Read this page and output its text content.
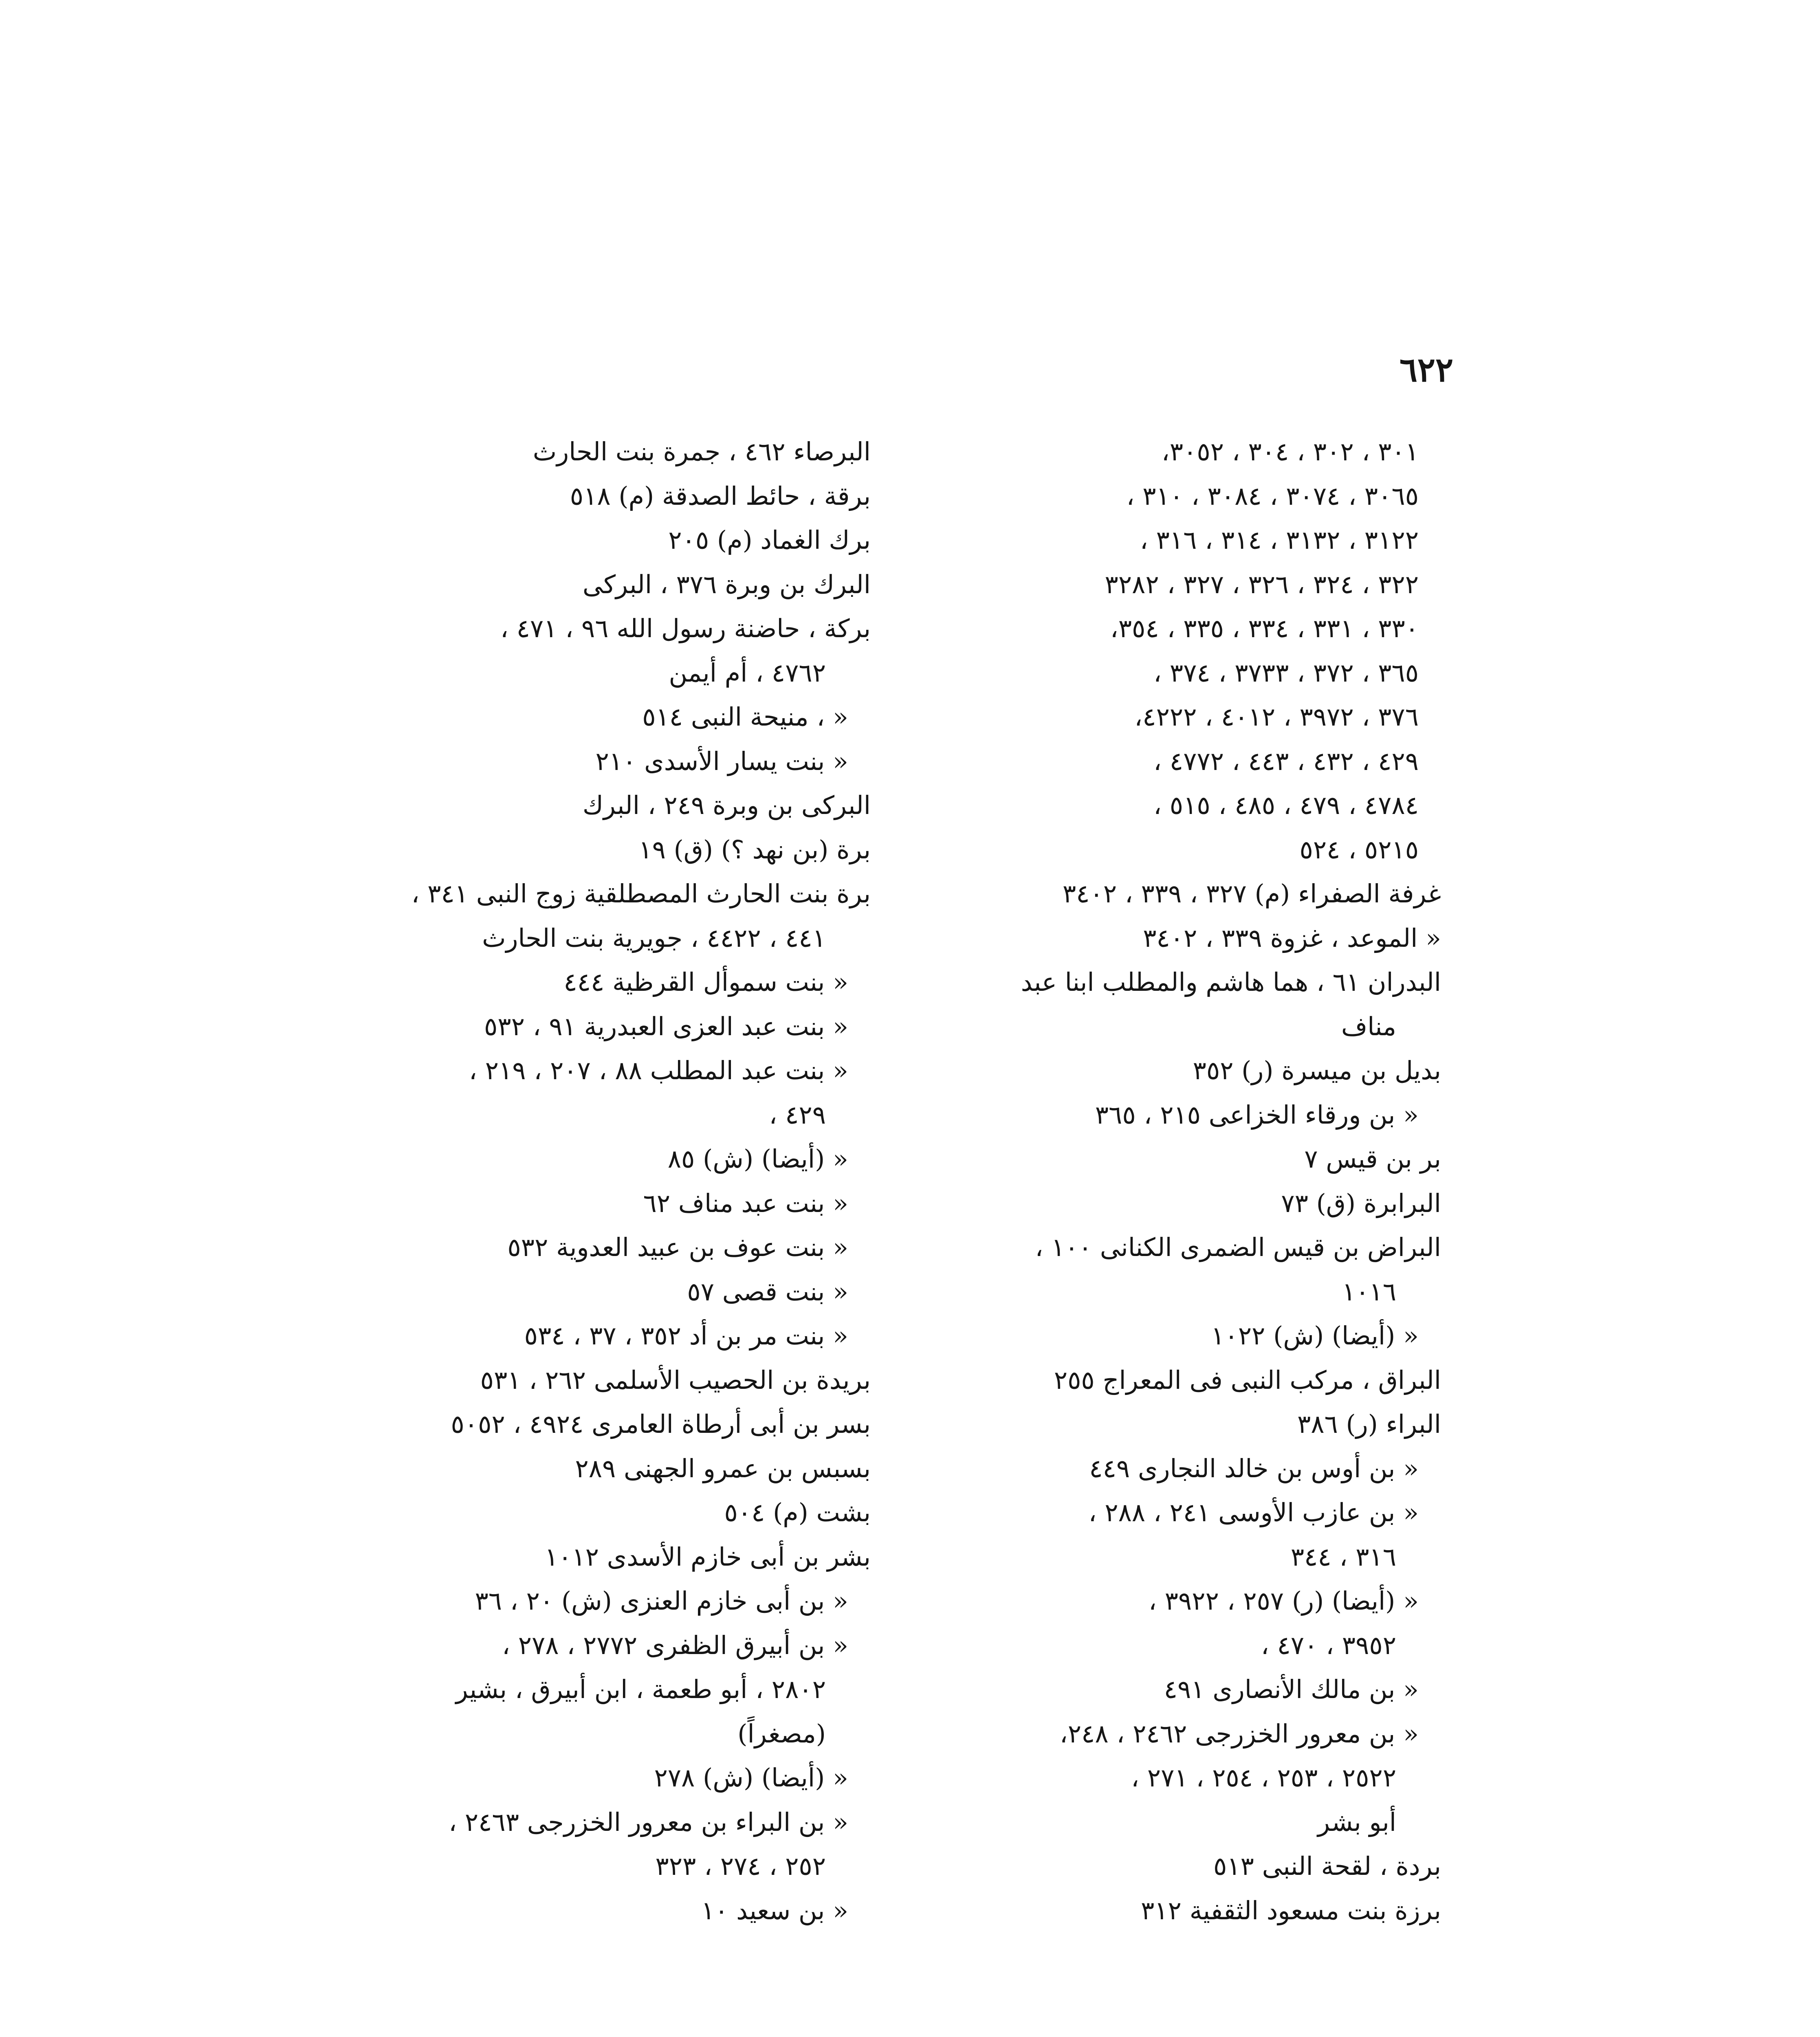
٦٢٢
٣٠١ ، ٣٠٢ ، ٣٠٤ ، ٣٠٥٢،
٣٠٦٥ ، ٣٠٧٤ ، ٣٠٨٤ ، ٣١٠ ،
٣١٢٢ ، ٣١٣٢ ، ٣١٤ ، ٣١٦ ،
٣٢٢ ، ٣٢٤ ، ٣٢٦ ، ٣٢٧ ، ٣٢٨٢
٣٣٠ ، ٣٣١ ، ٣٣٤ ، ٣٣٥ ، ٣٥٤،
٣٦٥ ، ٣٧٢ ، ٣٧٣٣ ، ٣٧٤ ،
٣٧٦ ، ٣٩٧٢ ، ٤٠١٢ ، ٤٢٢٢،
٤٢٩ ، ٤٣٢ ، ٤٤٣ ، ٤٧٧٢ ،
٤٧٨٤ ، ٤٧٩ ، ٤٨٥ ، ٥١٥ ،
٥٢١٥ ، ٥٢٤
غرفة الصفراء (م) ٣٢٧ ، ٣٣٩ ، ٣٤٠٢
« الموعد ، غزوة ٣٣٩ ، ٣٤٠٢
البدران ٦١ ، هما هاشم والمطلب ابنا عبد
مناف
بديل بن ميسرة (ر) ٣٥٢
« بن ورقاء الخزاعى ٢١٥ ، ٣٦٥
بر بن قيس ٧
البرابرة (ق) ٧٣
البراض بن قيس الضمرى الكنانى ١٠٠ ،
١٠١٦
« (أيضا) (ش) ١٠٢٢
البراق ، مركب النبى فى المعراج ٢٥٥
البراء (ر) ٣٨٦
« بن أوس بن خالد النجارى ٤٤٩
« بن عازب الأوسى ٢٤١ ، ٢٨٨ ،
٣١٦ ، ٣٤٤
« (أيضا) (ر) ٢٥٧ ، ٣٩٢٢ ،
٣٩٥٢ ، ٤٧٠ ،
« بن مالك الأنصارى ٤٩١
« بن معرور الخزرجى ٢٤٦٢ ، ٢٤٨،
٢٥٢٢ ، ٢٥٣ ، ٢٥٤ ، ٢٧١ ،
أبو بشر
بردة ، لقحة النبى ٥١٣
برزة بنت مسعود الثقفية ٣١٢
البرصاء ٤٦٢ ، جمرة بنت الحارث
برقة ، حائط الصدقة (م) ٥١٨
برك الغماد (م) ٢٠٥
البرك بن وبرة ٣٧٦ ، البركى
بركة ، حاضنة رسول الله ٩٦ ، ٤٧١ ،
٤٧٦٢ ، أم أيمن
« ، منيحة النبى ٥١٤
« بنت يسار الأسدى ٢١٠
البركى بن وبرة ٢٤٩ ، البرك
برة (بن نهد ؟) (ق) ١٩
برة بنت الحارث المصطلقية زوج النبى ٣٤١ ،
٤٤١ ، ٤٤٢٢ ، جويرية بنت الحارث
« بنت سموأل القرظية ٤٤٤
« بنت عبد العزى العبدرية ٩١ ، ٥٣٢
« بنت عبد المطلب ٨٨ ، ٢٠٧ ، ٢١٩ ،
٤٢٩ ،
« (أيضا) (ش) ٨٥
« بنت عبد مناف ٦٢
« بنت عوف بن عبيد العدوية ٥٣٢
« بنت قصى ٥٧
« بنت مر بن أد ٣٥٢ ، ٣٧ ، ٥٣٤
بريدة بن الحصيب الأسلمى ٢٦٢ ، ٥٣١
بسر بن أبى أرطاة العامرى ٤٩٢٤ ، ٥٠٥٢
بسبس بن عمرو الجهنى ٢٨٩
بشت (م) ٥٠٤
بشر بن أبى خازم الأسدى ١٠١٢
« بن أبى خازم العنزى (ش) ٢٠ ، ٣٦
« بن أبيرق الظفرى ٢٧٧٢ ، ٢٧٨ ،
٢٨٠٢ ، أبو طعمة ، ابن أبيرق ، بشير
(مصغراً)
« (أيضا) (ش) ٢٧٨
« بن البراء بن معرور الخزرجى ٢٤٦٣ ،
٢٥٢ ، ٢٧٤ ، ٣٢٣
« بن سعيد ١٠
